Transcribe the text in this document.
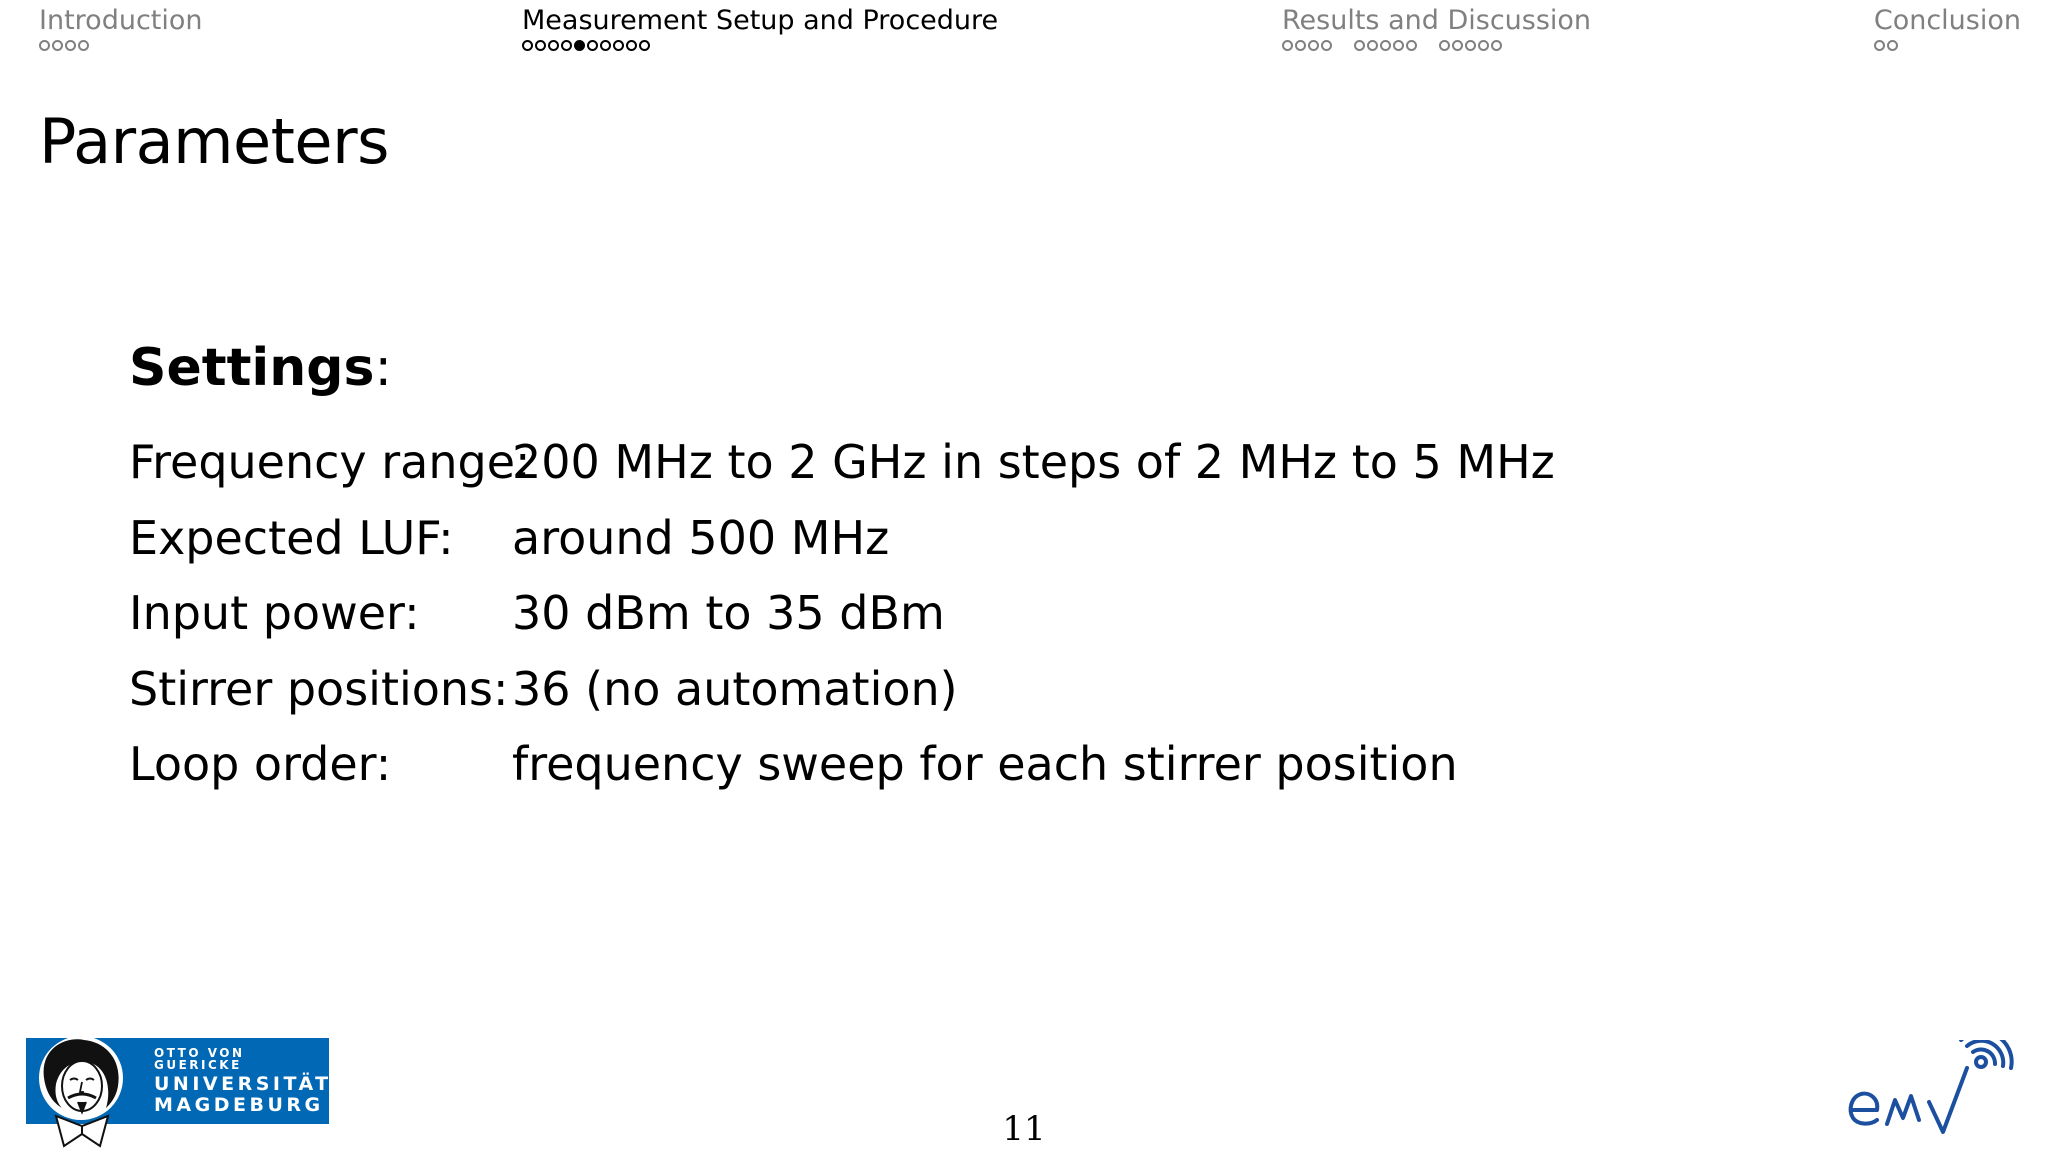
Introduction	Measurement Setup and Procedure	Results and Discussion	Conclusion
Parameters
Settings:
Frequency range:
200 MHz to 2 GHz in steps of 2 MHz to 5 MHz
Expected LUF:	around 500 MHz
Input power:	30 dBm to 35 dBm
Stirrer positions: 36 (no automation)
Loop order:	frequency sweep for each stirrer position
OTTO VON GUERICKE
UNIVERSITÄT
MAGDEBURG
11
